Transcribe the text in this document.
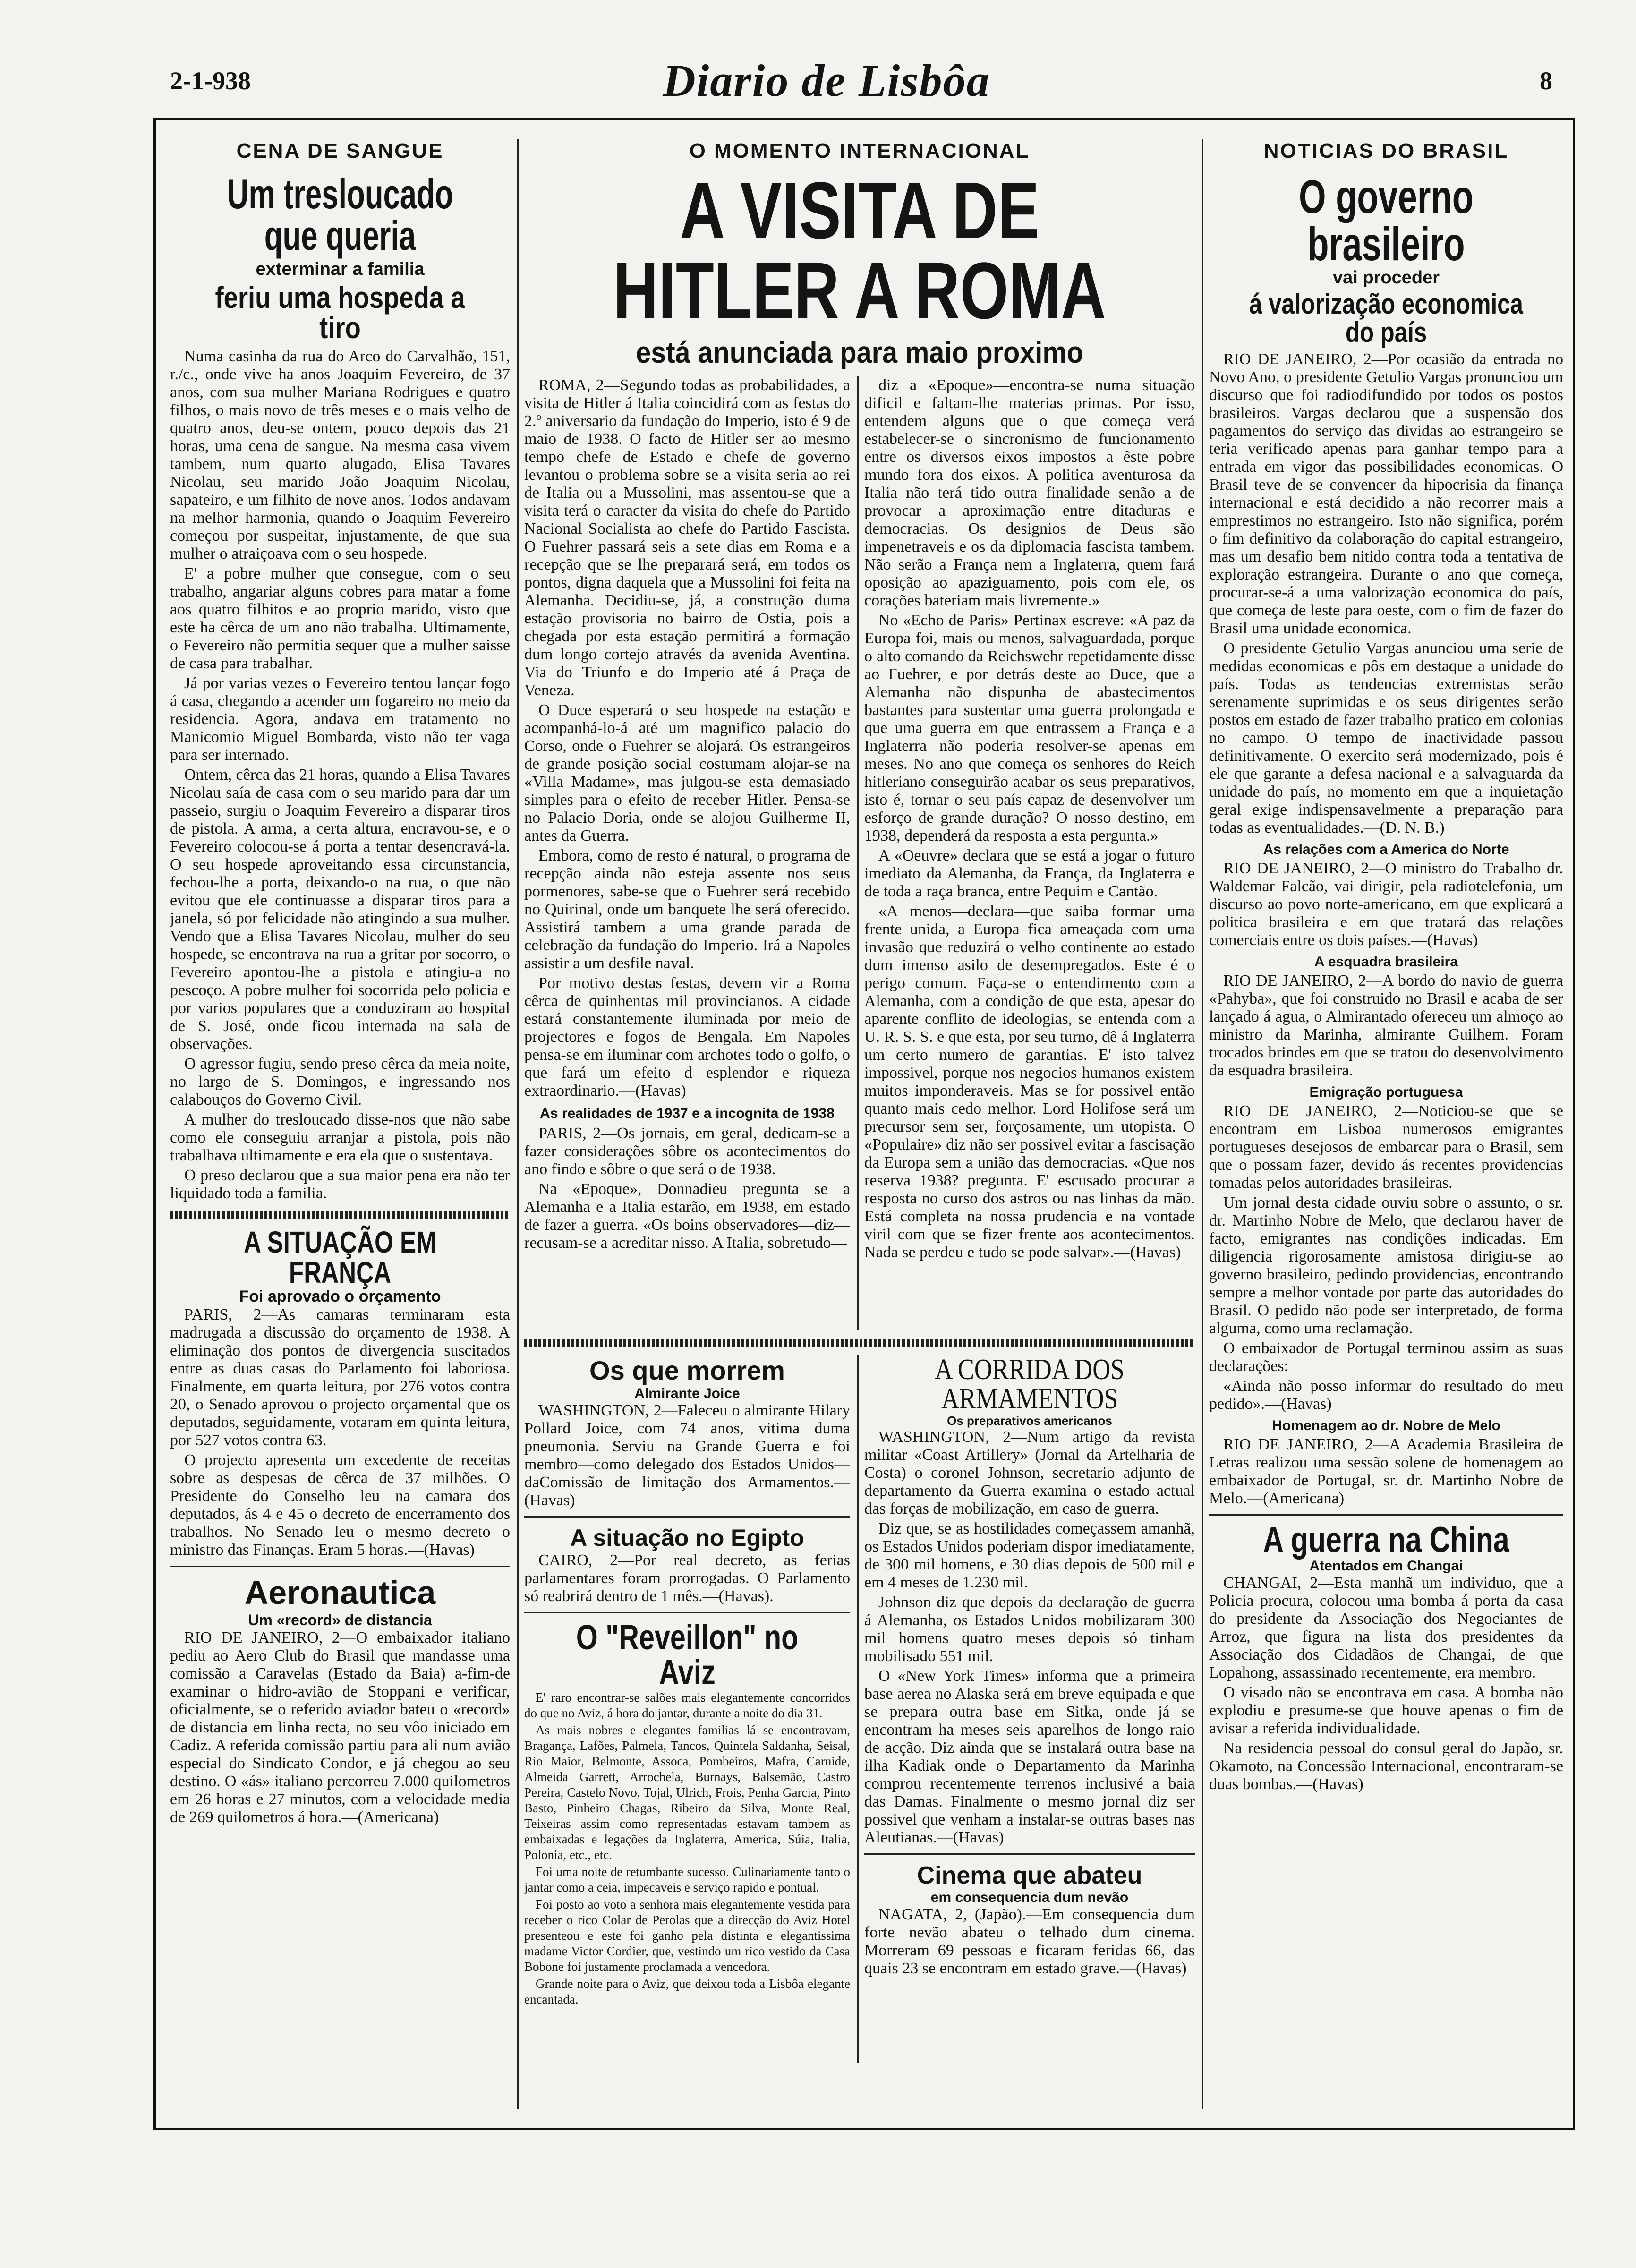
2-1-938	Diario de Lisbôa	8
CENA DE SANGUE
Um tresloucado que queria
exterminar a familia
feriu uma hospeda a tiro

Numa casinha da rua do Arco do Carvalhão, 151, r./c., onde vive ha anos Joaquim Fevereiro, de 37 anos, com sua mulher Mariana Rodrigues e quatro filhos, o mais novo de três meses e o mais velho de quatro anos, deu-se ontem, pouco depois das 21 horas, uma cena de sangue. Na mesma casa vivem tambem, num quarto alugado, Elisa Tavares Nicolau, seu marido João Joaquim Nicolau, sapateiro, e um filhito de nove anos. Todos andavam na melhor harmonia, quando o Joaquim Fevereiro começou por suspeitar, injustamente, de que sua mulher o atraiçoava com o seu hospede.

E' a pobre mulher que consegue, com o seu trabalho, angariar alguns cobres para matar a fome aos quatro filhitos e ao proprio marido, visto que este ha cêrca de um ano não trabalha. Ultimamente, o Fevereiro não permitia sequer que a mulher saisse de casa para trabalhar.

Já por varias vezes o Fevereiro tentou lançar fogo á casa, chegando a acender um fogareiro no meio da residencia. Agora, andava em tratamento no Manicomio Miguel Bombarda, visto não ter vaga para ser internado.

Ontem, cêrca das 21 horas, quando a Elisa Tavares Nicolau saía de casa com o seu marido para dar um passeio, surgiu o Joaquim Fevereiro a disparar tiros de pistola. A arma, a certa altura, encravou-se, e o Fevereiro colocou-se á porta a tentar desencravá-la. O seu hospede aproveitando essa circunstancia, fechou-lhe a porta, deixando-o na rua, o que não evitou que ele continuasse a disparar tiros para a janela, só por felicidade não atingindo a sua mulher. Vendo que a Elisa Tavares Nicolau, mulher do seu hospede, se encontrava na rua a gritar por socorro, o Fevereiro apontou-lhe a pistola e atingiu-a no pescoço. A pobre mulher foi socorrida pelo policia e por varios populares que a conduziram ao hospital de S. José, onde ficou internada na sala de observações.

O agressor fugiu, sendo preso cêrca da meia noite, no largo de S. Domingos, e ingressando nos calabouços do Governo Civil.

A mulher do tresloucado disse-nos que não sabe como ele conseguiu arranjar a pistola, pois não trabalhava ultimamente e era ela que o sustentava.

O preso declarou que a sua maior pena era não ter liquidado toda a familia.

A SITUAÇÃO EM FRANÇA
Foi aprovado o orçamento

PARIS, 2—As camaras terminaram esta madrugada a discussão do orçamento de 1938. A eliminação dos pontos de divergencia suscitados entre as duas casas do Parlamento foi laboriosa. Finalmente, em quarta leitura, por 276 votos contra 20, o Senado aprovou o projecto orçamental que os deputados, seguidamente, votaram em quinta leitura, por 527 votos contra 63.

O projecto apresenta um excedente de receitas sobre as despesas de cêrca de 37 milhões. O Presidente do Conselho leu na camara dos deputados, ás 4 e 45 o decreto de encerramento dos trabalhos. No Senado leu o mesmo decreto o ministro das Finanças. Eram 5 horas.—(Havas)

Aeronautica
Um «record» de distancia

RIO DE JANEIRO, 2—O embaixador italiano pediu ao Aero Club do Brasil que mandasse uma comissão a Caravelas (Estado da Baia) a-fim-de examinar o hidro-avião de Stoppani e verificar, oficialmente, se o referido aviador bateu o «record» de distancia em linha recta, no seu vôo iniciado em Cadiz. A referida comissão partiu para ali num avião especial do Sindicato Condor, e já chegou ao seu destino. O «ás» italiano percorreu 7.000 quilometros em 26 horas e 27 minutos, com a velocidade media de 269 quilometros á hora.—(Americana)

O MOMENTO INTERNACIONAL
A VISITA DE HITLER A ROMA
está anunciada para maio proximo

ROMA, 2—Segundo todas as probabilidades, a visita de Hitler á Italia coincidirá com as festas do 2.º aniversario da fundação do Imperio, isto é 9 de maio de 1938. O facto de Hitler ser ao mesmo tempo chefe de Estado e chefe de governo levantou o problema sobre se a visita seria ao rei de Italia ou a Mussolini, mas assentou-se que a visita terá o caracter da visita do chefe do Partido Nacional Socialista ao chefe do Partido Fascista. O Fuehrer passará seis a sete dias em Roma e a recepção que se lhe preparará será, em todos os pontos, digna daquela que a Mussolini foi feita na Alemanha. Decidiu-se, já, a construção duma estação provisoria no bairro de Ostia, pois a chegada por esta estação permitirá a formação dum longo cortejo através da avenida Aventina. Via do Triunfo e do Imperio até á Praça de Veneza.

O Duce esperará o seu hospede na estação e acompanhá-lo-á até um magnifico palacio do Corso, onde o Fuehrer se alojará. Os estrangeiros de grande posição social costumam alojar-se na «Villa Madame», mas julgou-se esta demasiado simples para o efeito de receber Hitler. Pensa-se no Palacio Doria, onde se alojou Guilherme II, antes da Guerra.

Embora, como de resto é natural, o programa de recepção ainda não esteja assente nos seus pormenores, sabe-se que o Fuehrer será recebido no Quirinal, onde um banquete lhe será oferecido. Assistirá tambem a uma grande parada de celebração da fundação do Imperio. Irá a Napoles assistir a um desfile naval.

Por motivo destas festas, devem vir a Roma cêrca de quinhentas mil provincianos. A cidade estará constantemente iluminada por meio de projectores e fogos de Bengala. Em Napoles pensa-se em iluminar com archotes todo o golfo, o que fará um efeito d esplendor e riqueza extraordinario.—(Havas)

As realidades de 1937 e a incognita de 1938

PARIS, 2—Os jornais, em geral, dedicam-se a fazer considerações sôbre os acontecimentos do ano findo e sôbre o que será o de 1938.

Na «Epoque», Donnadieu pregunta se a Alemanha e a Italia estarão, em 1938, em estado de fazer a guerra. «Os boins observadores—diz—recusam-se a acreditar nisso. A Italia, sobretudo—

diz a «Epoque»—encontra-se numa situação dificil e faltam-lhe materias primas. Por isso, entendem alguns que o que começa verá estabelecer-se o sincronismo de funcionamento entre os diversos eixos impostos a êste pobre mundo fora dos eixos. A politica aventurosa da Italia não terá tido outra finalidade senão a de provocar a aproximação entre ditaduras e democracias. Os designios de Deus são impenetraveis e os da diplomacia fascista tambem. Não serão a França nem a Inglaterra, quem fará oposição ao apaziguamento, pois com ele, os corações bateriam mais livremente.»

No «Echo de Paris» Pertinax escreve: «A paz da Europa foi, mais ou menos, salvaguardada, porque o alto comando da Reichswehr repetidamente disse ao Fuehrer, e por detrás deste ao Duce, que a Alemanha não dispunha de abastecimentos bastantes para sustentar uma guerra prolongada e que uma guerra em que entrassem a França e a Inglaterra não poderia resolver-se apenas em meses. No ano que começa os senhores do Reich hitleriano conseguirão acabar os seus preparativos, isto é, tornar o seu país capaz de desenvolver um esforço de grande duração? O nosso destino, em 1938, dependerá da resposta a esta pergunta.»

A «Oeuvre» declara que se está a jogar o futuro imediato da Alemanha, da França, da Inglaterra e de toda a raça branca, entre Pequim e Cantão.

«A menos—declara—que saiba formar uma frente unida, a Europa fica ameaçada com uma invasão que reduzirá o velho continente ao estado dum imenso asilo de desempregados. Este é o perigo comum. Faça-se o entendimento com a Alemanha, com a condição de que esta, apesar do aparente conflito de ideologias, se entenda com a U. R. S. S. e que esta, por seu turno, dê á Inglaterra um certo numero de garantias. E' isto talvez impossivel, porque nos negocios humanos existem muitos imponderaveis. Mas se for possivel então quanto mais cedo melhor. Lord Holifose será um precursor sem ser, forçosamente, um utopista. O «Populaire» diz não ser possivel evitar a fascisação da Europa sem a união das democracias. «Que nos reserva 1938? pregunta. E' escusado procurar a resposta no curso dos astros ou nas linhas da mão. Está completa na nossa prudencia e na vontade viril com que se fizer frente aos acontecimentos. Nada se perdeu e tudo se pode salvar».—(Havas)

Os que morrem
Almirante Joice

WASHINGTON, 2—Faleceu o almirante Hilary Pollard Joice, com 74 anos, vitima duma pneumonia. Serviu na Grande Guerra e foi membro—como delegado dos Estados Unidos—daComissão de limitação dos Armamentos.—(Havas)

A situação no Egipto

CAIRO, 2—Por real decreto, as ferias parlamentares foram prorrogadas. O Parlamento só reabrirá dentro de 1 mês.—(Havas).

O "Reveillon" no Aviz

E' raro encontrar-se salões mais elegantemente concorridos do que no Aviz, á hora do jantar, durante a noite do dia 31.

As mais nobres e elegantes familias lá se encontravam, Bragança, Lafões, Palmela, Tancos, Quintela Saldanha, Seisal, Rio Maior, Belmonte, Assoca, Pombeiros, Mafra, Carnide, Almeida Garrett, Arrochela, Burnays, Balsemão, Castro Pereira, Castelo Novo, Tojal, Ulrich, Frois, Penha Garcia, Pinto Basto, Pinheiro Chagas, Ribeiro da Silva, Monte Real, Teixeiras assim como representadas estavam tambem as embaixadas e legações da Inglaterra, America, Súia, Italia, Polonia, etc., etc.

Foi uma noite de retumbante sucesso. Culinariamente tanto o jantar como a ceia, impecaveis e serviço rapido e pontual.

Foi posto ao voto a senhora mais elegantemente vestida para receber o rico Colar de Perolas que a direcção do Aviz Hotel presenteou e este foi ganho pela distinta e elegantissima madame Victor Cordier, que, vestindo um rico vestido da Casa Bobone foi justamente proclamada a vencedora.

Grande noite para o Aviz, que deixou toda a Lisbôa elegante encantada.

A CORRIDA DOS ARMAMENTOS
Os preparativos americanos

WASHINGTON, 2—Num artigo da revista militar «Coast Artillery» (Jornal da Artelharia de Costa) o coronel Johnson, secretario adjunto de departamento da Guerra examina o estado actual das forças de mobilização, em caso de guerra.

Diz que, se as hostilidades começassem amanhã, os Estados Unidos poderiam dispor imediatamente, de 300 mil homens, e 30 dias depois de 500 mil e em 4 meses de 1.230 mil.

Johnson diz que depois da declaração de guerra á Alemanha, os Estados Unidos mobilizaram 300 mil homens quatro meses depois só tinham mobilisado 551 mil.

O «New York Times» informa que a primeira base aerea no Alaska será em breve equipada e que se prepara outra base em Sitka, onde já se encontram ha meses seis aparelhos de longo raio de acção. Diz ainda que se instalará outra base na ilha Kadiak onde o Departamento da Marinha comprou recentemente terrenos inclusivé a baia das Damas. Finalmente o mesmo jornal diz ser possivel que venham a instalar-se outras bases nas Aleutianas.—(Havas)

Cinema que abateu
em consequencia dum nevão

NAGATA, 2, (Japão).—Em consequencia dum forte nevão abateu o telhado dum cinema. Morreram 69 pessoas e ficaram feridas 66, das quais 23 se encontram em estado grave.—(Havas)

NOTICIAS DO BRASIL
O governo brasileiro
vai proceder
á valorização economica do país

RIO DE JANEIRO, 2—Por ocasião da entrada no Novo Ano, o presidente Getulio Vargas pronunciou um discurso que foi radiodifundido por todos os postos brasileiros. Vargas declarou que a suspensão dos pagamentos do serviço das dividas ao estrangeiro se teria verificado apenas para ganhar tempo para a entrada em vigor das possibilidades economicas. O Brasil teve de se convencer da hipocrisia da finança internacional e está decidido a não recorrer mais a emprestimos no estrangeiro. Isto não significa, porém o fim definitivo da colaboração do capital estrangeiro, mas um desafio bem nitido contra toda a tentativa de exploração estrangeira. Durante o ano que começa, procurar-se-á a uma valorização economica do país, que começa de leste para oeste, com o fim de fazer do Brasil uma unidade economica.

O presidente Getulio Vargas anunciou uma serie de medidas economicas e pôs em destaque a unidade do país. Todas as tendencias extremistas serão serenamente suprimidas e os seus dirigentes serão postos em estado de fazer trabalho pratico em colonias no campo. O tempo de inactividade passou definitivamente. O exercito será modernizado, pois é ele que garante a defesa nacional e a salvaguarda da unidade do país, no momento em que a inquietação geral exige indispensavelmente a preparação para todas as eventualidades.—(D. N. B.)

As relações com a America do Norte

RIO DE JANEIRO, 2—O ministro do Trabalho dr. Waldemar Falcão, vai dirigir, pela radiotelefonia, um discurso ao povo norte-americano, em que explicará a politica brasileira e em que tratará das relações comerciais entre os dois países.—(Havas)

A esquadra brasileira

RIO DE JANEIRO, 2—A bordo do navio de guerra «Pahyba», que foi construido no Brasil e acaba de ser lançado á agua, o Almirantado ofereceu um almoço ao ministro da Marinha, almirante Guilhem. Foram trocados brindes em que se tratou do desenvolvimento da esquadra brasileira.

Emigração portuguesa

RIO DE JANEIRO, 2—Noticiou-se que se encontram em Lisboa numerosos emigrantes portugueses desejosos de embarcar para o Brasil, sem que o possam fazer, devido ás recentes providencias tomadas pelos autoridades brasileiras.

Um jornal desta cidade ouviu sobre o assunto, o sr. dr. Martinho Nobre de Melo, que declarou haver de facto, emigrantes nas condições indicadas. Em diligencia rigorosamente amistosa dirigiu-se ao governo brasileiro, pedindo providencias, encontrando sempre a melhor vontade por parte das autoridades do Brasil. O pedido não pode ser interpretado, de forma alguma, como uma reclamação.

O embaixador de Portugal terminou assim as suas declarações:

«Ainda não posso informar do resultado do meu pedido».—(Havas)

Homenagem ao dr. Nobre de Melo

RIO DE JANEIRO, 2—A Academia Brasileira de Letras realizou uma sessão solene de homenagem ao embaixador de Portugal, sr. dr. Martinho Nobre de Melo.—(Americana)

A guerra na China
Atentados em Changai

CHANGAI, 2—Esta manhã um individuo, que a Policia procura, colocou uma bomba á porta da casa do presidente da Associação dos Negociantes de Arroz, que figura na lista dos presidentes da Associação dos Cidadãos de Changai, de que Lopahong, assassinado recentemente, era membro.

O visado não se encontrava em casa. A bomba não explodiu e presume-se que houve apenas o fim de avisar a referida individualidade.

Na residencia pessoal do consul geral do Japão, sr. Okamoto, na Concessão Internacional, encontraram-se duas bombas.—(Havas)
